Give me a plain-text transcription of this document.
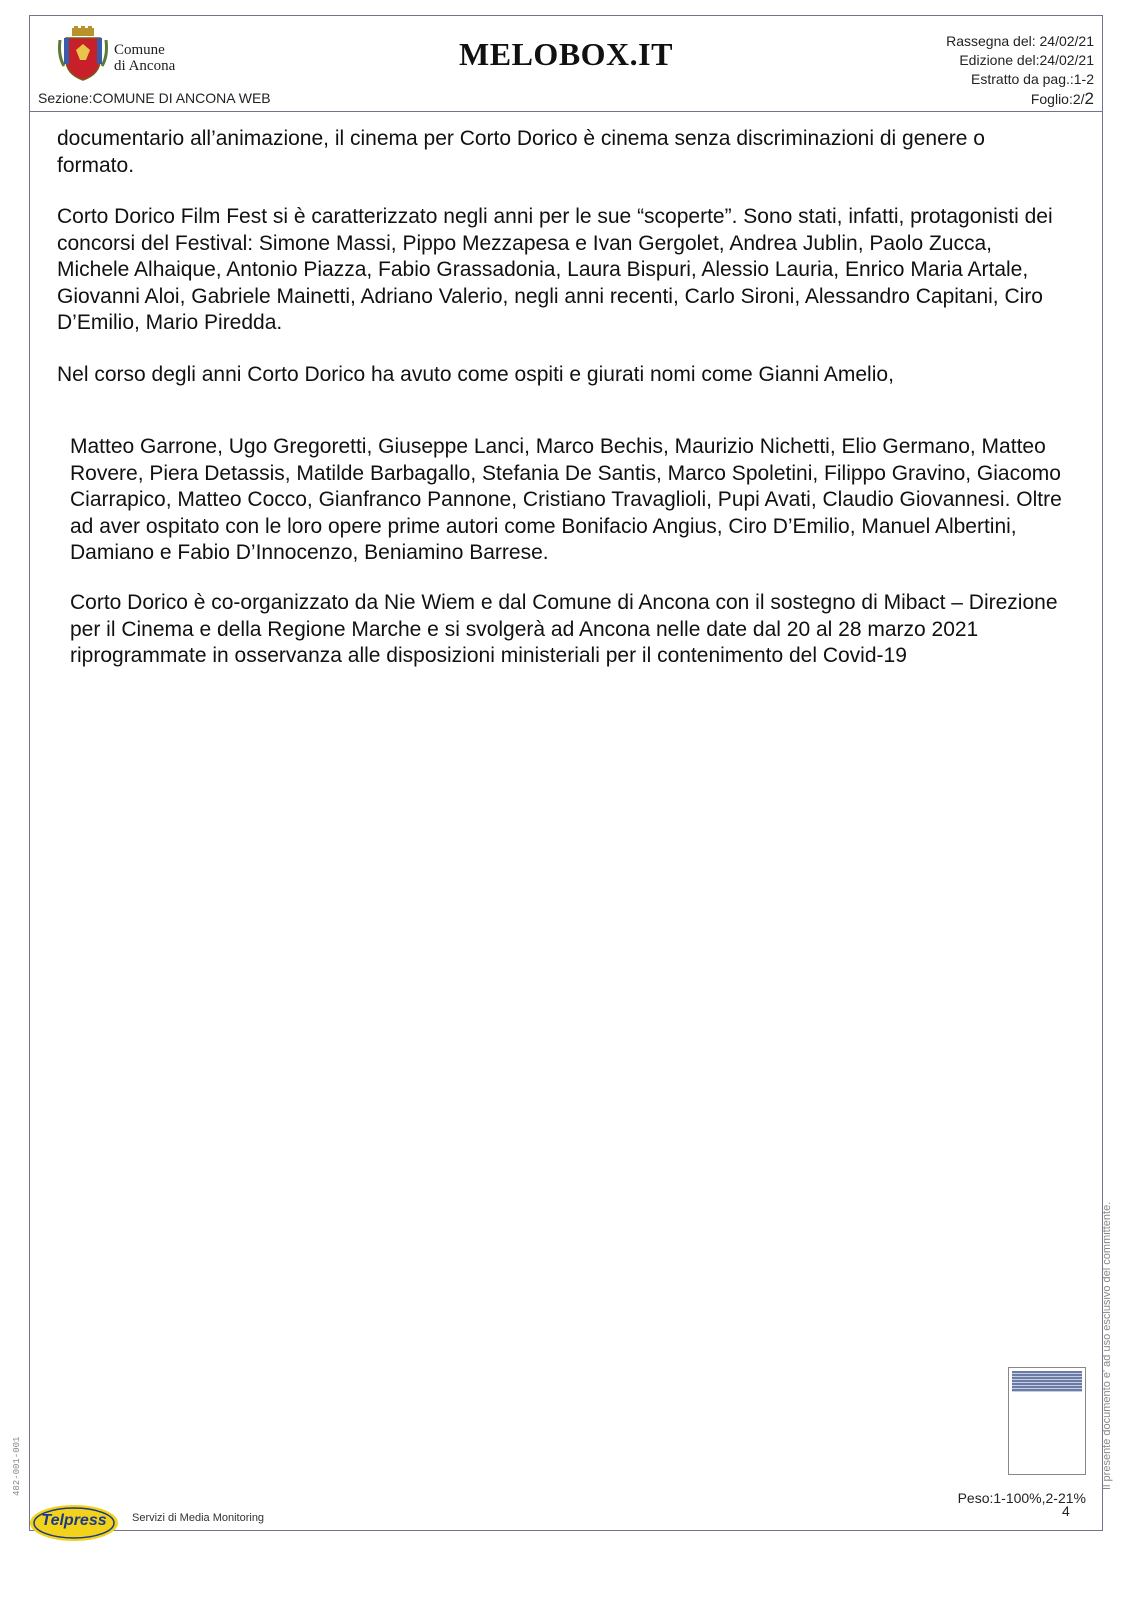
Comune
di Ancona	MELOBOX.IT
Sezione:COMUNE DI ANCONA WEB
Rassegna del: 24/02/21
Edizione del:24/02/21
Estratto da pag.:1-2
Foglio:2/2

documentario all’animazione, il cinema per Corto Dorico è cinema senza discriminazioni di genere o formato.

Corto Dorico Film Fest si è caratterizzato negli anni per le sue “scoperte”. Sono stati, infatti, protagonisti dei concorsi del Festival: Simone Massi, Pippo Mezzapesa e Ivan Gergolet, Andrea Jublin, Paolo Zucca, Michele Alhaique, Antonio Piazza, Fabio Grassadonia, Laura Bispuri, Alessio Lauria, Enrico Maria Artale, Giovanni Aloi, Gabriele Mainetti, Adriano Valerio, negli anni recenti, Carlo Sironi, Alessandro Capitani, Ciro D’Emilio, Mario Piredda.

Nel corso degli anni Corto Dorico ha avuto come ospiti e giurati nomi come Gianni Amelio,

Matteo Garrone, Ugo Gregoretti, Giuseppe Lanci, Marco Bechis, Maurizio Nichetti, Elio Germano, Matteo Rovere, Piera Detassis, Matilde Barbagallo, Stefania De Santis, Marco Spoletini, Filippo Gravino, Giacomo Ciarrapico, Matteo Cocco, Gianfranco Pannone, Cristiano Travaglioli, Pupi Avati, Claudio Giovannesi. Oltre ad aver ospitato con le loro opere prime autori come Bonifacio Angius, Ciro D’Emilio, Manuel Albertini, Damiano e Fabio D’Innocenzo, Beniamino Barrese.

Corto Dorico è co-organizzato da Nie Wiem e dal Comune di Ancona con il sostegno di Mibact – Direzione per il Cinema e della Regione Marche e si svolgerà ad Ancona nelle date dal 20 al 28 marzo 2021 riprogrammate in osservanza alle disposizioni ministeriali per il contenimento del Covid-19

Peso:1-100%,2-21%
4
Telpress	Servizi di Media Monitoring
Il presente documento e' ad uso esclusivo del committente.
482-001-001
